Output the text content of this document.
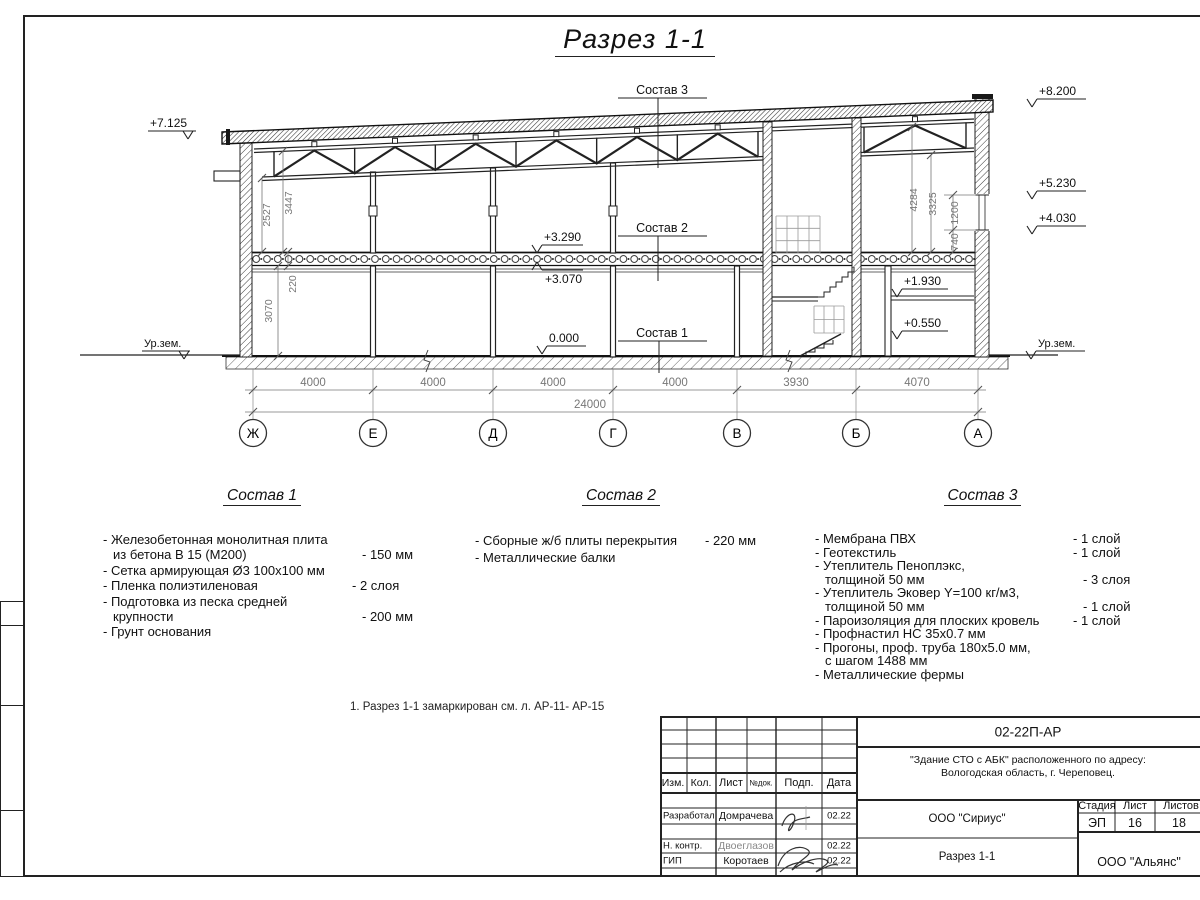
Разрез 1-1
+7.125
Ур.зем.	0.000
+3.290
+3.070	+1.930
+0.550
+8.200
+5.230
+4.030
Ур.зем.
Состав 3
Состав 2
Состав 1
2527
3447
220
3070
4284 3325 1200
740
4000	4000	4000	4000	3930	4070
24000
Ж	Е	Д	Г	В	Б	А
Состав 1
- Железобетонная монолитная плита
из бетона В 15 (М200)	- 150 мм
- Сетка армирующая Ø3 100х100 мм
- Пленка полиэтиленовая	- 2 слоя
- Подготовка из песка средней
крупности	- 200 мм
- Грунт основания
Состав 2
- Сборные ж/б плиты перекрытия	- 220 мм
- Металлические балки
Состав 3
- Мембрана ПВХ	- 1 слой
- Геотекстиль	- 1 слой
- Утеплитель Пеноплэкс,
толщиной 50 мм	- 3 слоя
- Утеплитель Эковер Y=100 кг/м3,
толщиной 50 мм	- 1 слой
- Пароизоляция для плоских кровель	- 1 слой
- Профнастил НС 35х0.7 мм
- Прогоны, проф. труба 180х5.0 мм,
с шагом 1488 мм
- Металлические фермы
1. Разрез 1-1 замаркирован см. л. АР-11- АР-15
02-22П-АР
"Здание СТО с АБК" расположенного по адресу:
Вологодская область, г. Череповец.
ООО "Сириус"
Разрез 1-1	ООО "Альянс"
Стадия Лист Листов
ЭП 16 18
Изм. Кол. Лист №док. Подп. Дата
Разработал Домрачева	02.22
Н. контр. Двоеглазов	02.22
ГИП	Коротаев	02.22
